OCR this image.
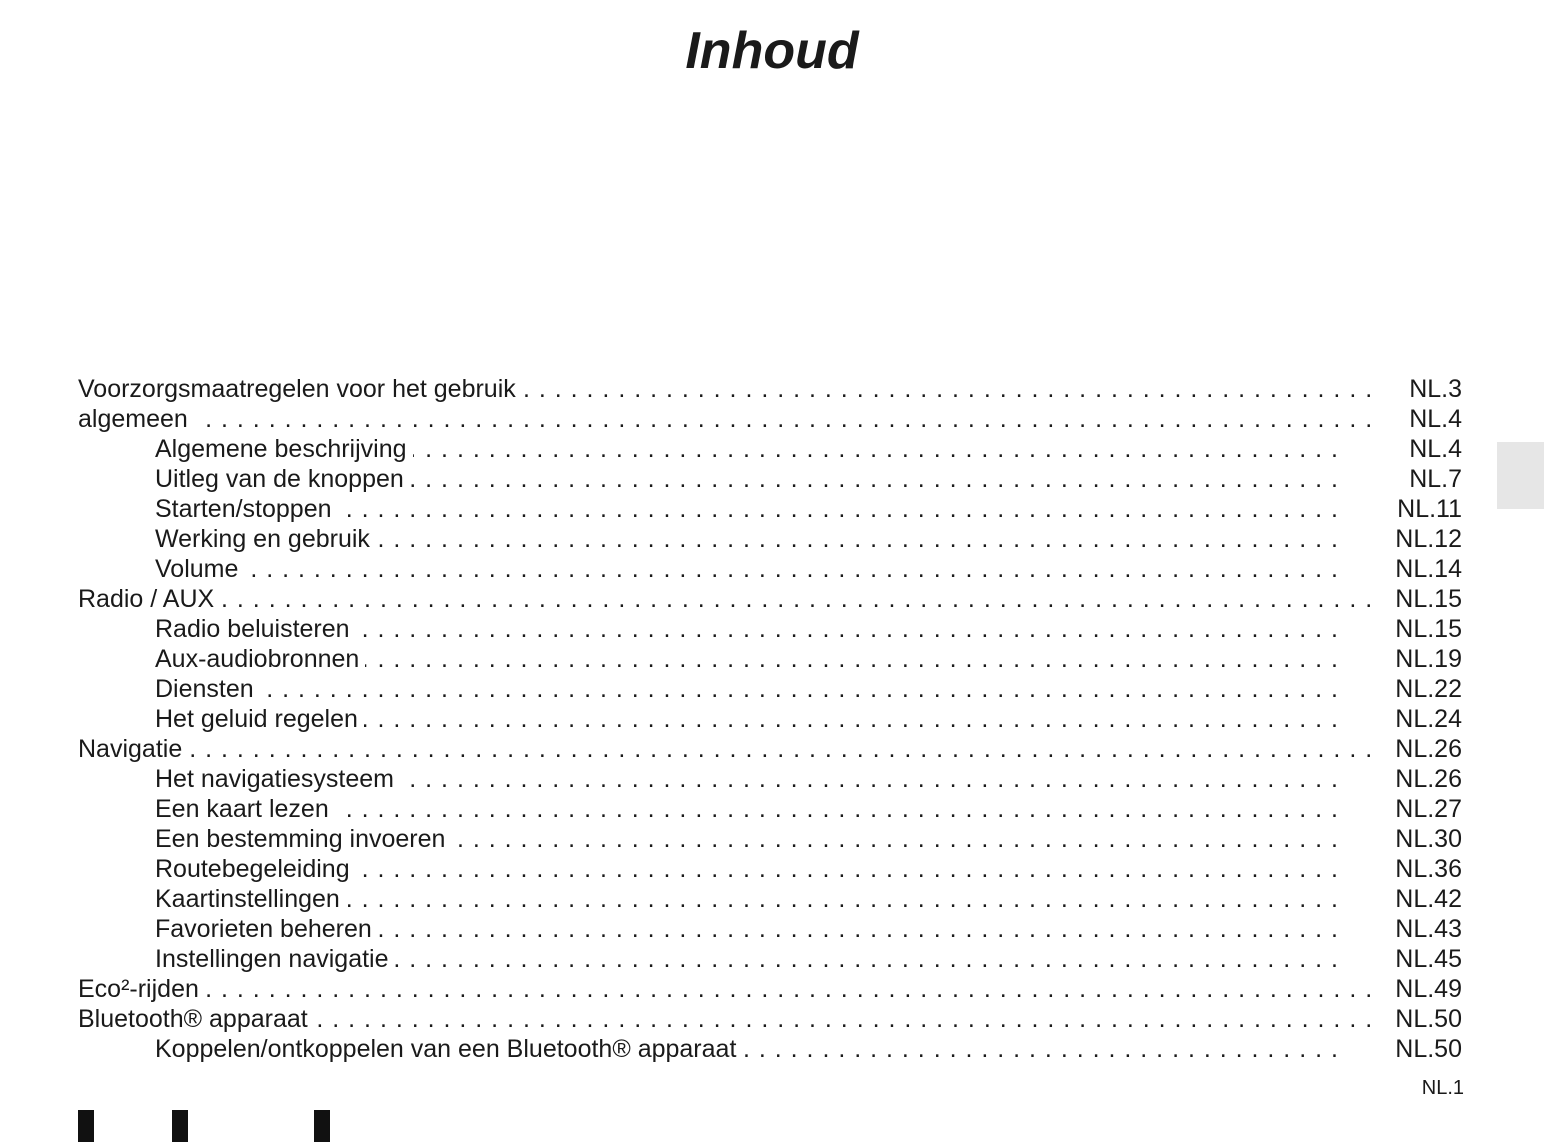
Inhoud
. . .
Voorzorgsmaatregelen voor het gebruik	NL.3
. . .
algemeen	NL.4
. . .
Algemene beschrijving	NL.4
. . .
Uitleg van de knoppen	NL.7
. . .
Starten/stoppen	NL.11
. . .
Werking en gebruik	NL.12
. . .
Volume	NL.14
. . .
Radio / AUX	NL.15
. . .
Radio beluisteren	NL.15
. . .
Aux-audiobronnen	NL.19
. . .
Diensten	NL.22
. . .
Het geluid regelen	NL.24
. . .
Navigatie	NL.26
. . .
Het navigatiesysteem	NL.26
. . .
Een kaart lezen	NL.27
. . .
Een bestemming invoeren	NL.30
. . .
Routebegeleiding	NL.36
. . .
Kaartinstellingen	NL.42
. . .
Favorieten beheren	NL.43
. . .
Instellingen navigatie	NL.45
. . .
Eco²-rijden	NL.49
. . .
Bluetooth® apparaat	NL.50
. . .
Koppelen/ontkoppelen van een Bluetooth® apparaat	NL.50
NL.1
